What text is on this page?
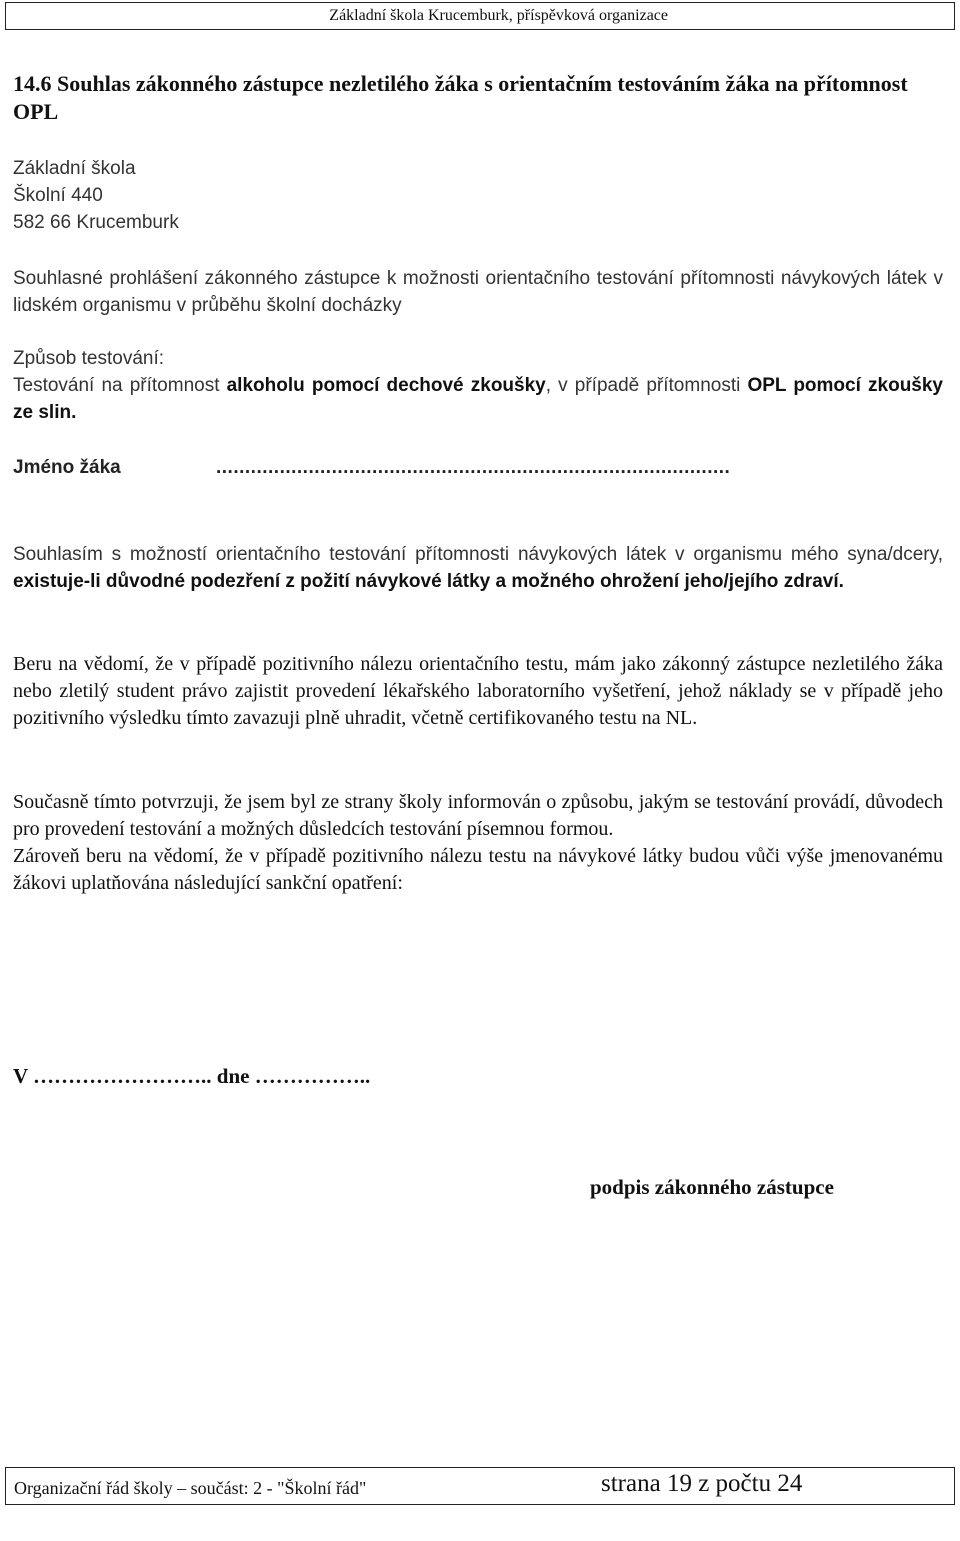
Základní škola Krucemburk, příspěvková organizace
14.6 Souhlas zákonného zástupce nezletilého žáka s orientačním testováním žáka na přítomnost OPL
Základní škola
Školní 440
582 66 Krucemburk

Souhlasné prohlášení zákonného zástupce k možnosti orientačního testování přítomnosti návykových látek v lidském organismu v průběhu školní docházky

Způsob testování:
Testování na přítomnost alkoholu pomocí dechové zkoušky, v případě přítomnosti OPL pomocí zkoušky ze slin.
Jméno žáka	.........................................................................................

Souhlasím s možností orientačního testování přítomnosti návykových látek v organismu mého syna/dcery, existuje-li důvodné podezření z požití návykové látky a možného ohrožení jeho/jejího zdraví.

Beru na vědomí, že v případě pozitivního nálezu orientačního testu, mám jako zákonný zástupce nezletilého žáka nebo zletilý student právo zajistit provedení lékařského laboratorního vyšetření, jehož náklady se v případě jeho pozitivního výsledku tímto zavazuji plně uhradit, včetně certifikovaného testu na NL.

Současně tímto potvrzuji, že jsem byl ze strany školy informován o způsobu, jakým se testování provádí, důvodech pro provedení testování a možných důsledcích testování písemnou formou.

Zároveň beru na vědomí, že v případě pozitivního nálezu testu na návykové látky budou vůči výše jmenovanému žákovi uplatňována následující sankční opatření:

V …………………….. dne ……………..
podpis zákonného zástupce
Organizační řád školy – součást: 2 - "Školní řád"	strana 19 z počtu 24
